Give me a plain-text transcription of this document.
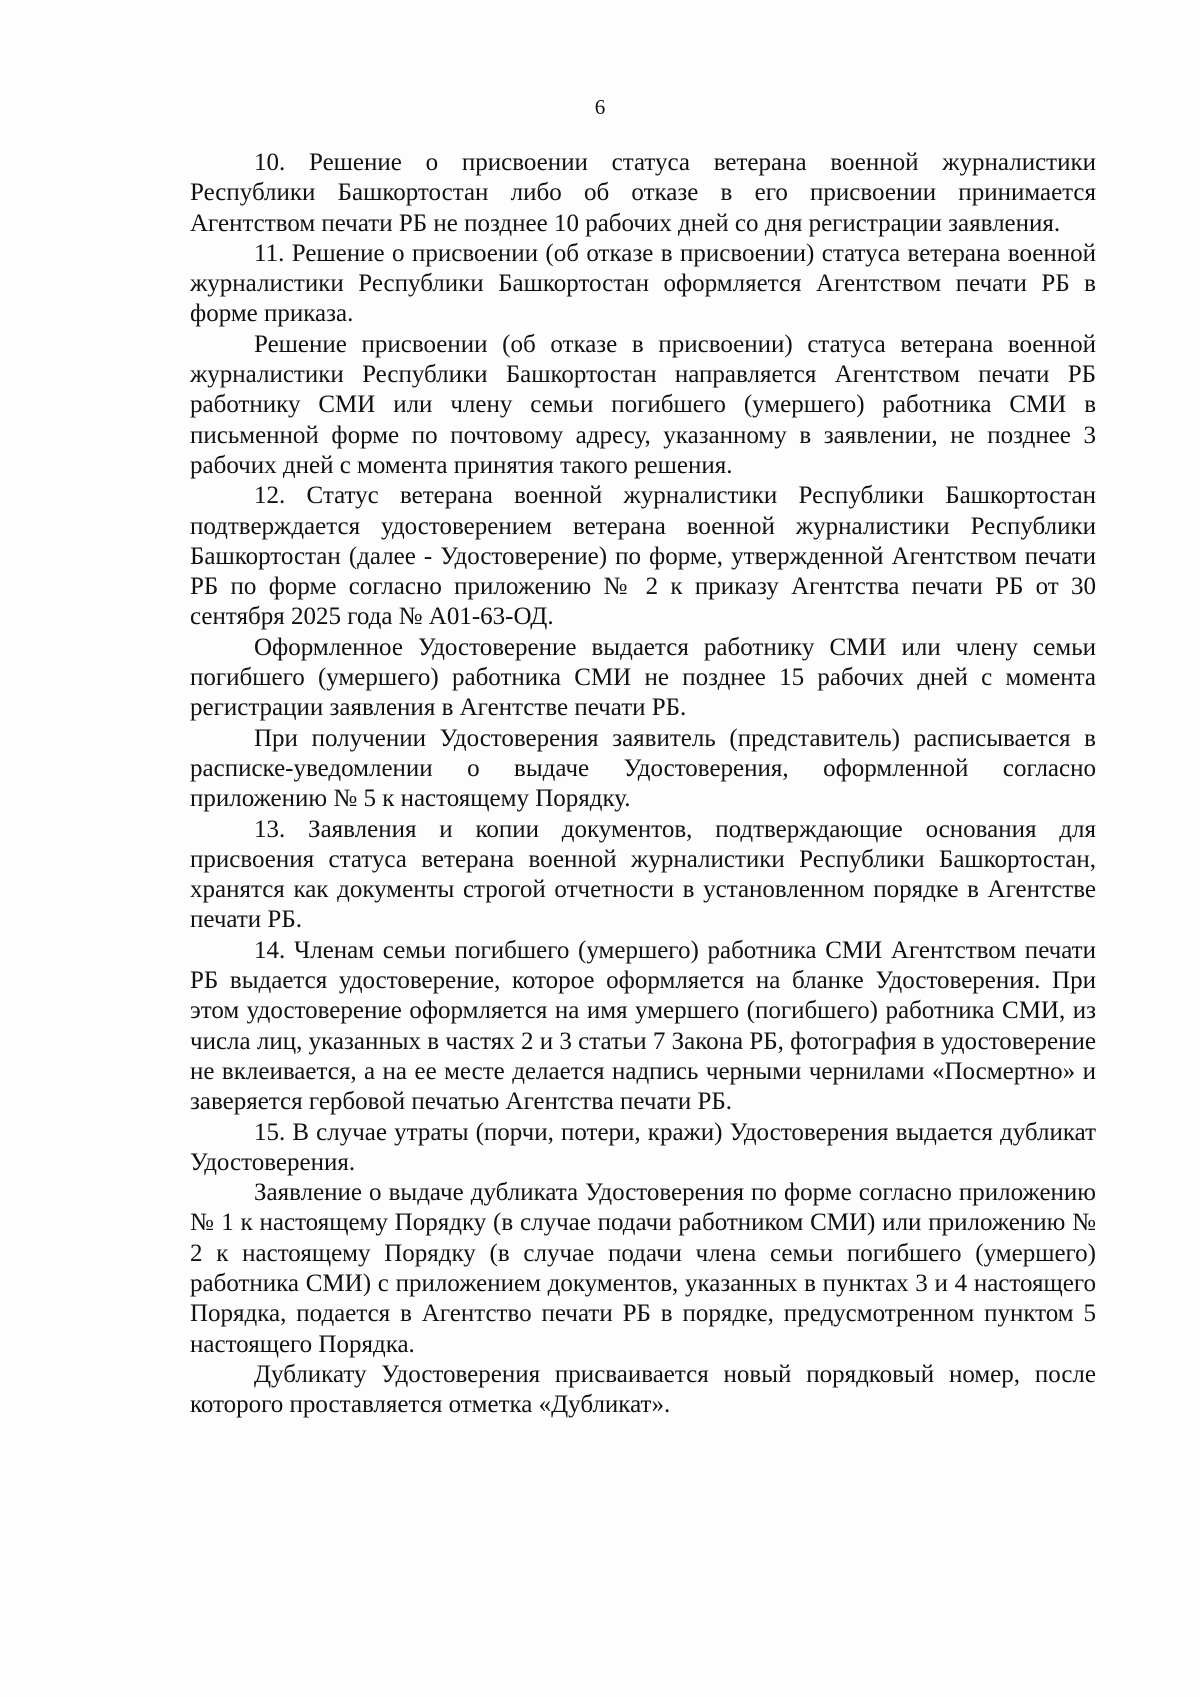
6

10. Решение о присвоении статуса ветерана военной журналистики Республики Башкортостан либо об отказе в его присвоении принимается Агентством печати РБ не позднее 10 рабочих дней со дня регистрации заявления.

11. Решение о присвоении (об отказе в присвоении) статуса ветерана военной журналистики Республики Башкортостан оформляется Агентством печати РБ в форме приказа.

Решение присвоении (об отказе в присвоении) статуса ветерана военной журналистики Республики Башкортостан направляется Агентством печати РБ работнику СМИ или члену семьи погибшего (умершего) работника СМИ в письменной форме по почтовому адресу, указанному в заявлении, не позднее 3 рабочих дней с момента принятия такого решения.

12. Статус ветерана военной журналистики Республики Башкортостан подтверждается удостоверением ветерана военной журналистики Республики Башкортостан (далее - Удостоверение) по форме, утвержденной Агентством печати РБ по форме согласно приложению № 2 к приказу Агентства печати РБ от 30 сентября 2025 года № А01-63-ОД.

Оформленное Удостоверение выдается работнику СМИ или члену семьи погибшего (умершего) работника СМИ не позднее 15 рабочих дней с момента регистрации заявления в Агентстве печати РБ.

При получении Удостоверения заявитель (представитель) расписывается в расписке-уведомлении о выдаче Удостоверения, оформленной согласно приложению № 5 к настоящему Порядку.

13. Заявления и копии документов, подтверждающие основания для присвоения статуса ветерана военной журналистики Республики Башкортостан, хранятся как документы строгой отчетности в установленном порядке в Агентстве печати РБ.

14. Членам семьи погибшего (умершего) работника СМИ Агентством печати РБ выдается удостоверение, которое оформляется на бланке Удостоверения. При этом удостоверение оформляется на имя умершего (погибшего) работника СМИ, из числа лиц, указанных в частях 2 и 3 статьи 7 Закона РБ, фотография в удостоверение не вклеивается, а на ее месте делается надпись черными чернилами «Посмертно» и заверяется гербовой печатью Агентства печати РБ.

15. В случае утраты (порчи, потери, кражи) Удостоверения выдается дубликат Удостоверения.

Заявление о выдаче дубликата Удостоверения по форме согласно приложению № 1 к настоящему Порядку (в случае подачи работником СМИ) или приложению № 2 к настоящему Порядку (в случае подачи члена семьи погибшего (умершего) работника СМИ) с приложением документов, указанных в пунктах 3 и 4 настоящего Порядка, подается в Агентство печати РБ в порядке, предусмотренном пунктом 5 настоящего Порядка.

Дубликату Удостоверения присваивается новый порядковый номер, после которого проставляется отметка «Дубликат».
